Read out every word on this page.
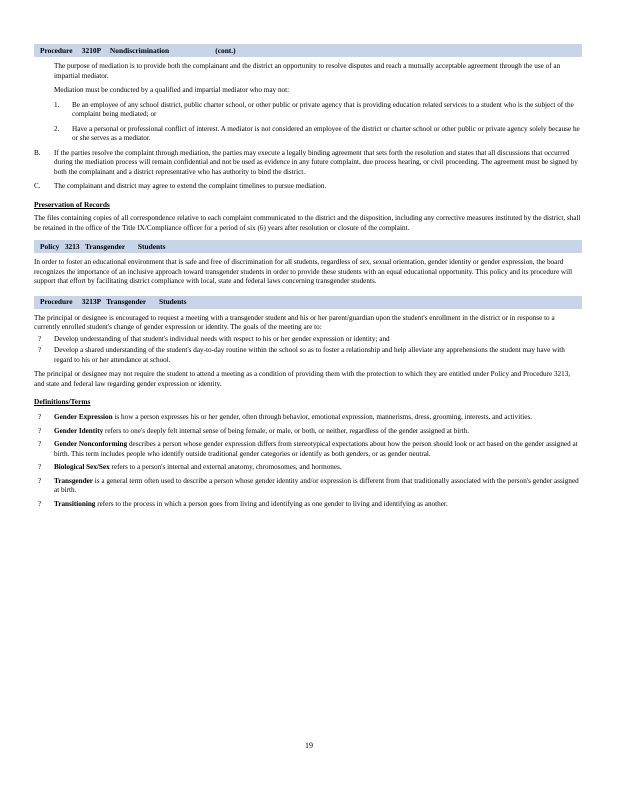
Procedure     3210P     Nondiscrimination                         (cont.)

The purpose of mediation is to provide both the complainant and the district an opportunity to resolve disputes and reach a mutually acceptable agreement through the use of an impartial mediator.

Mediation must be conducted by a qualified and impartial mediator who may not:

1.	Be an employee of any school district, public charter school, or other public or private agency that is providing education related services to a student who is the subject of the complaint being mediated; or
2.	Have a personal or professional conflict of interest. A mediator is not considered an employee of the district or charter school or other public or private agency solely because he or she serves as a mediator.
B.	If the parties resolve the complaint through mediation, the parties may execute a legally binding agreement that sets forth the resolution and states that all discussions that occurred during the mediation process will remain confidential and not be used as evidence in any future complaint, due process hearing, or civil proceeding. The agreement must be signed by both the complainant and a district representative who has authority to bind the district.
C.	The complainant and district may agree to extend the complaint timelines to pursue mediation.
Preservation of Records

The files containing copies of all correspondence relative to each complaint communicated to the district and the disposition, including any corrective measures instituted by the district, shall be retained in the office of the Title IX/Compliance officer for a period of six (6) years after resolution or closure of the complaint.

Policy   3213   Transgender       Students

In order to foster an educational environment that is safe and free of discrimination for all students, regardless of sex, sexual orientation, gender identity or gender expression, the board recognizes the importance of an inclusive approach toward transgender students in order to provide these students with an equal educational opportunity. This policy and its procedure will support that effort by facilitating district compliance with local, state and federal laws concerning transgender students.

Procedure     3213P   Transgender       Students

The principal or designee is encouraged to request a meeting with a transgender student and his or her parent/guardian upon the student's enrollment in the district or in response to a currently enrolled student's change of gender expression or identity. The goals of the meeting are to:

?	Develop understanding of that student's individual needs with respect to his or her gender expression or identity; and
?	Develop a shared understanding of the student's day-to-day routine within the school so as to foster a relationship and help alleviate any apprehensions the student may have with regard to his or her attendance at school.

The principal or designee may not require the student to attend a meeting as a condition of providing them with the protection to which they are entitled under Policy and Procedure 3213, and state and federal law regarding gender expression or identity.

Definitions/Terms
?	Gender Expression is how a person expresses his or her gender, often through behavior, emotional expression, mannerisms, dress, grooming, interests, and activities.
?	Gender Identity refers to one's deeply felt internal sense of being female, or male, or both, or neither, regardless of the gender assigned at birth.
?	Gender Nonconforming describes a person whose gender expression differs from stereotypical expectations about how the person should look or act based on the gender assigned at birth. This term includes people who identify outside traditional gender categories or identify as both genders, or as gender neutral.
?	Biological Sex/Sex refers to a person's internal and external anatomy, chromosomes, and hormones.
?	Transgender is a general term often used to describe a person whose gender identity and/or expression is different from that traditionally associated with the person's gender assigned at birth.
?	Transitioning refers to the process in which a person goes from living and identifying as one gender to living and identifying as another.
19
